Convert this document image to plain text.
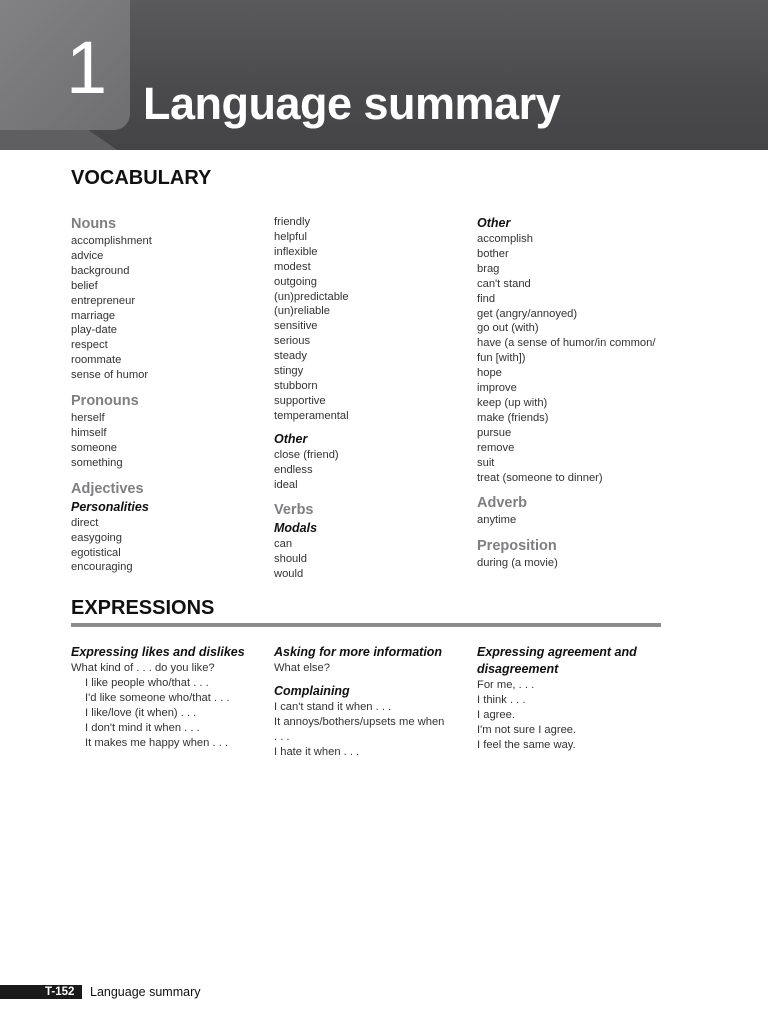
1 Language summary
VOCABULARY
Nouns
accomplishment
advice
background
belief
entrepreneur
marriage
play-date
respect
roommate
sense of humor
Pronouns
herself
himself
someone
something
Adjectives
Personalities
direct
easygoing
egotistical
encouraging
friendly
helpful
inflexible
modest
outgoing
(un)predictable
(un)reliable
sensitive
serious
steady
stingy
stubborn
supportive
temperamental
Other
close (friend)
endless
ideal
Verbs
Modals
can
should
would
Other
accomplish
bother
brag
can't stand
find
get (angry/annoyed)
go out (with)
have (a sense of humor/in common/
fun [with])
hope
improve
keep (up with)
make (friends)
pursue
remove
suit
treat (someone to dinner)
Adverb
anytime
Preposition
during (a movie)
EXPRESSIONS
Expressing likes and dislikes
What kind of . . . do you like?
I like people who/that . . .
I'd like someone who/that . . .
I like/love (it when) . . .
I don't mind it when . . .
It makes me happy when . . .
Asking for more information
What else?
Complaining
I can't stand it when . . .
It annoys/bothers/upsets me when
. . .
I hate it when . . .
Expressing agreement and
disagreement
For me, . . .
I think . . .
I agree.
I'm not sure I agree.
I feel the same way.
T-152 Language summary
